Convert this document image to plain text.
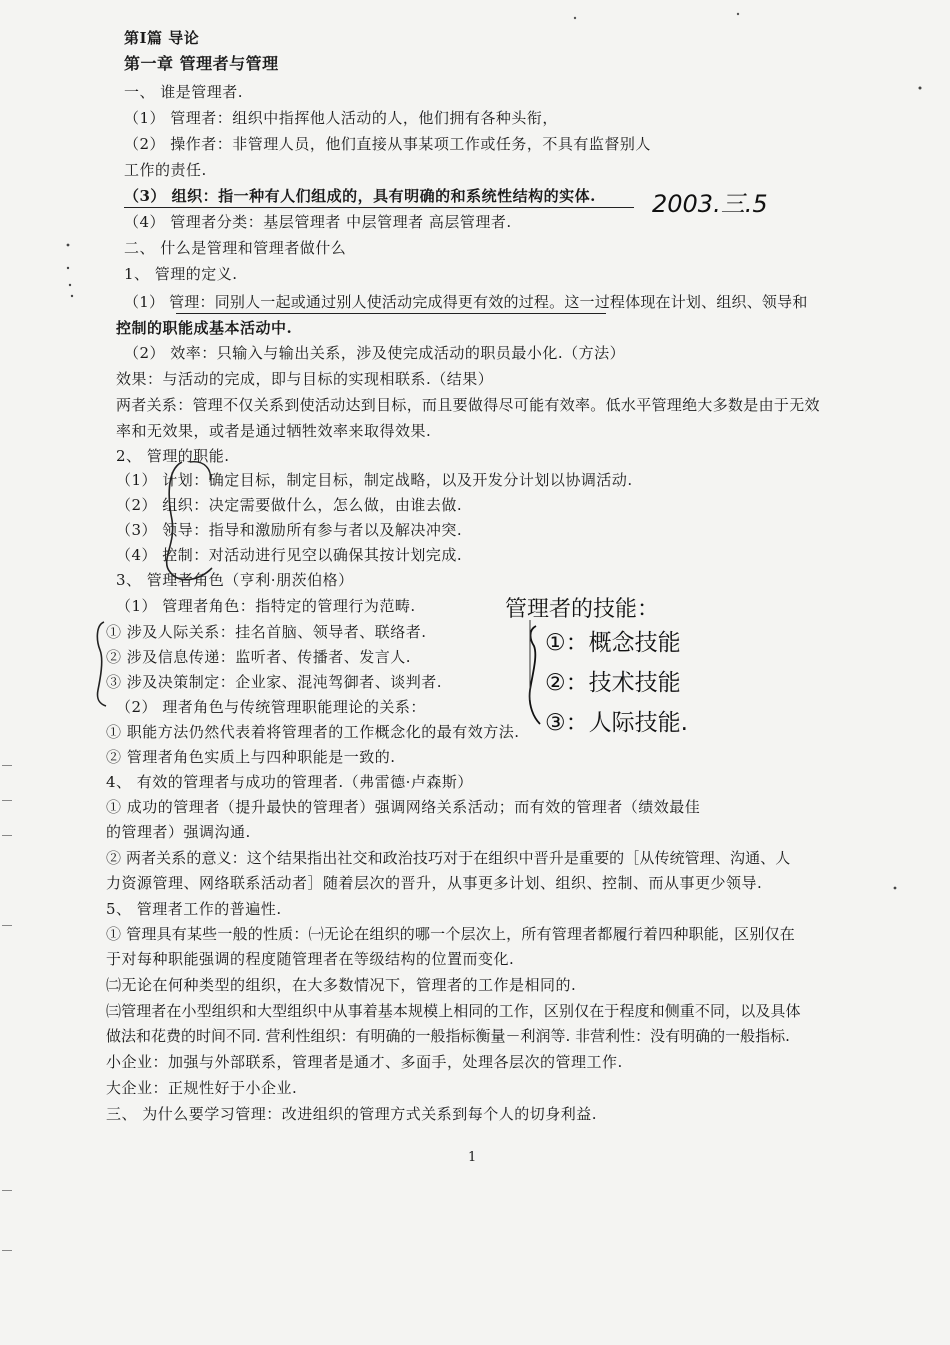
第Ⅰ篇 导论
第一章 管理者与管理
一、 谁是管理者.
（1） 管理者：组织中指挥他人活动的人，他们拥有各种头衔，
（2） 操作者：非管理人员，他们直接从事某项工作或任务，不具有监督别人
工作的责任.
（3） 组织：指一种有人们组成的，具有明确的和系统性结构的实体.
（4） 管理者分类：基层管理者 中层管理者 高层管理者.
二、 什么是管理和管理者做什么
1、 管理的定义.
（1） 管理：同别人一起或通过别人使活动完成得更有效的过程。这一过程体现在计划、组织、领导和
控制的职能成基本活动中.
（2） 效率：只输入与输出关系，涉及使完成活动的职员最小化.（方法）
效果：与活动的完成，即与目标的实现相联系.（结果）
两者关系：管理不仅关系到使活动达到目标，而且要做得尽可能有效率。低水平管理绝大多数是由于无效
率和无效果，或者是通过牺牲效率来取得效果.
2、 管理的职能.
（1） 计划：确定目标，制定目标，制定战略，以及开发分计划以协调活动.
（2） 组织：决定需要做什么，怎么做，由谁去做.
（3） 领导：指导和激励所有参与者以及解决冲突.
（4） 控制：对活动进行见空以确保其按计划完成.
3、 管理者角色（亨利·朋茨伯格）
（1） 管理者角色：指特定的管理行为范畴.
① 涉及人际关系：挂名首脑、领导者、联络者.
② 涉及信息传递：监听者、传播者、发言人.
③ 涉及决策制定：企业家、混沌驾御者、谈判者.
（2） 理者角色与传统管理职能理论的关系：
① 职能方法仍然代表着将管理者的工作概念化的最有效方法.
② 管理者角色实质上与四种职能是一致的.
4、 有效的管理者与成功的管理者.（弗雷德·卢森斯）
① 成功的管理者（提升最快的管理者）强调网络关系活动；而有效的管理者（绩效最佳
的管理者）强调沟通.
② 两者关系的意义：这个结果指出社交和政治技巧对于在组织中晋升是重要的［从传统管理、沟通、人
力资源管理、网络联系活动者］随着层次的晋升，从事更多计划、组织、控制、而从事更少领导.
5、 管理者工作的普遍性.
① 管理具有某些一般的性质：㈠无论在组织的哪一个层次上，所有管理者都履行着四种职能，区别仅在
于对每种职能强调的程度随管理者在等级结构的位置而变化.
㈡无论在何种类型的组织，在大多数情况下，管理者的工作是相同的.
㈢管理者在小型组织和大型组织中从事着基本规模上相同的工作，区别仅在于程度和侧重不同，以及具体
做法和花费的时间不同. 营利性组织：有明确的一般指标衡量－利润等. 非营利性：没有明确的一般指标.
小企业：加强与外部联系，管理者是通才、多面手，处理各层次的管理工作.
大企业：正规性好于小企业.
三、 为什么要学习管理：改进组织的管理方式关系到每个人的切身利益.
1
2003.三.5
管理者的技能：
①：概念技能
②：技术技能
③：人际技能.
